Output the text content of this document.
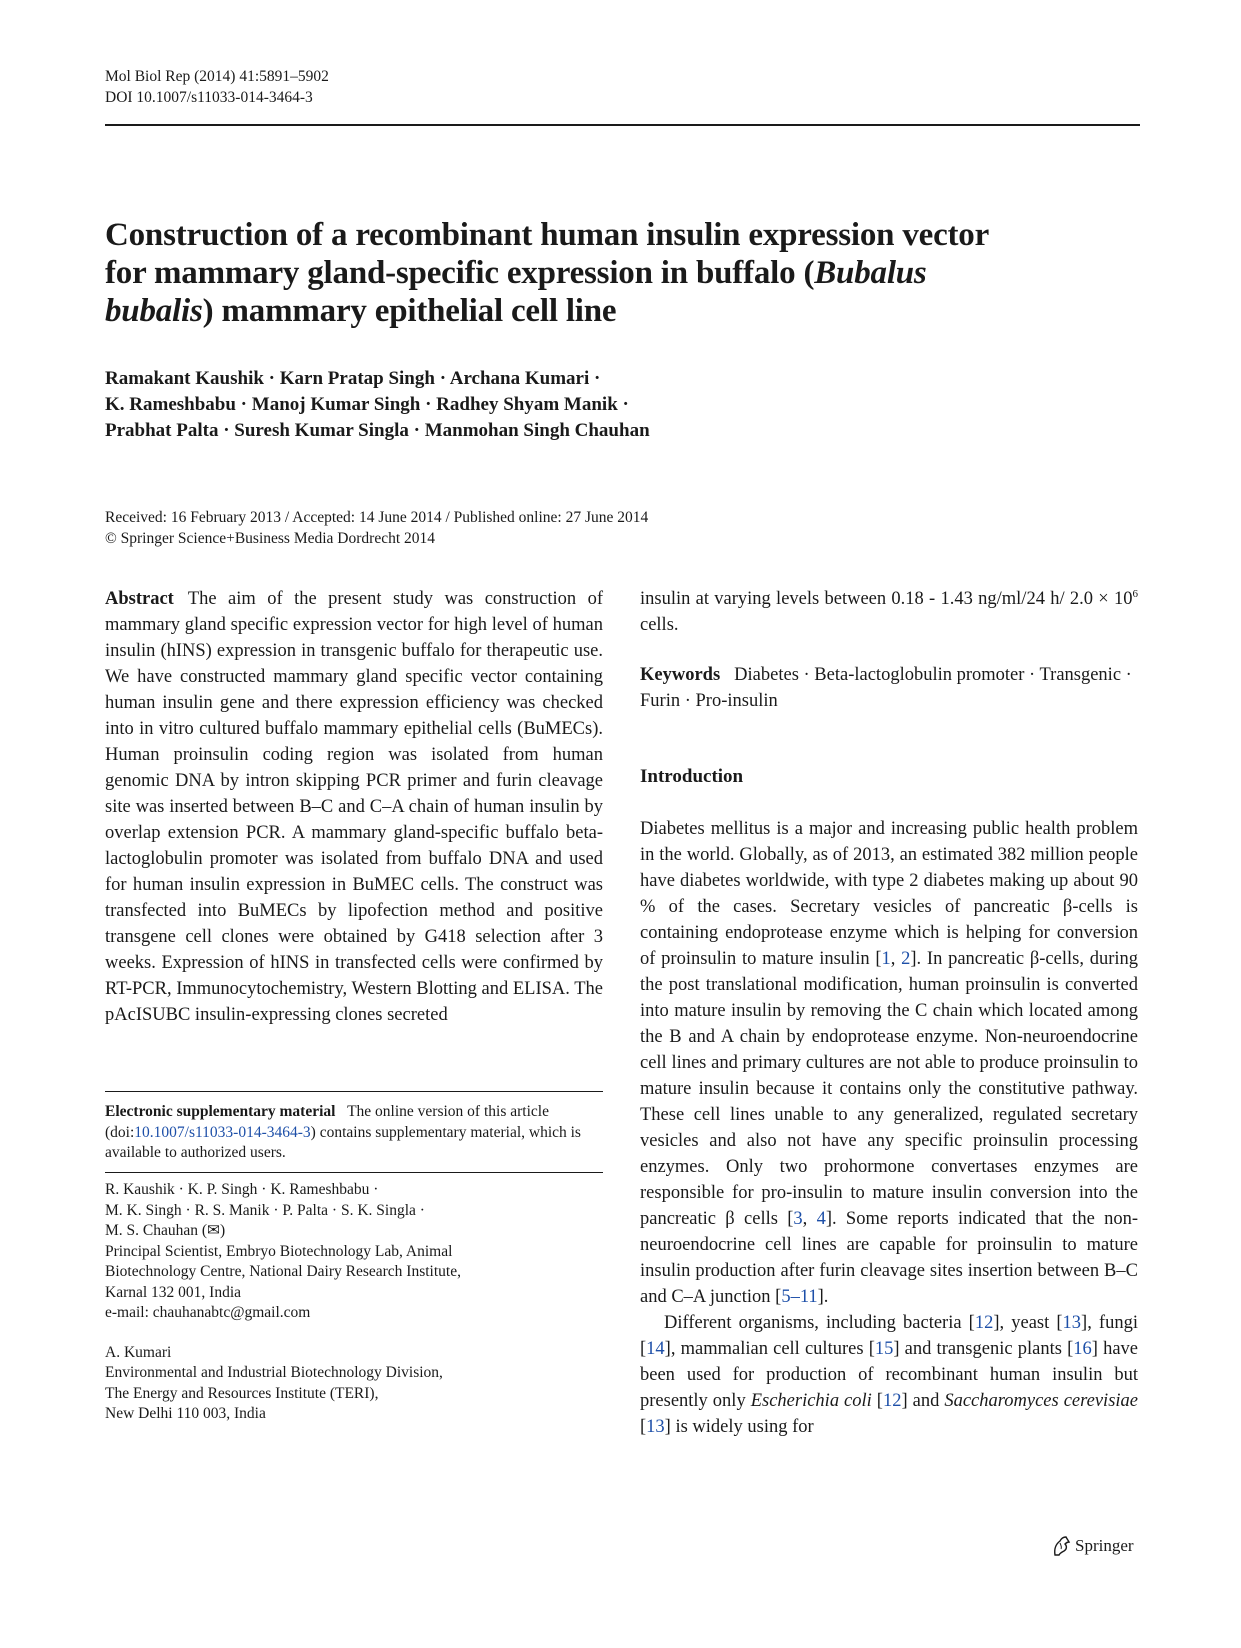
Mol Biol Rep (2014) 41:5891–5902
DOI 10.1007/s11033-014-3464-3
Construction of a recombinant human insulin expression vector
for mammary gland-specific expression in buffalo (Bubalus
bubalis) mammary epithelial cell line
Ramakant Kaushik · Karn Pratap Singh · Archana Kumari ·
K. Rameshbabu · Manoj Kumar Singh · Radhey Shyam Manik ·
Prabhat Palta · Suresh Kumar Singla · Manmohan Singh Chauhan
Received: 16 February 2013 / Accepted: 14 June 2014 / Published online: 27 June 2014
© Springer Science+Business Media Dordrecht 2014

Abstract The aim of the present study was construction of mammary gland specific expression vector for high level of human insulin (hINS) expression in transgenic buffalo for therapeutic use. We have constructed mammary gland specific vector containing human insulin gene and there expression efficiency was checked into in vitro cultured buffalo mammary epithelial cells (BuMECs). Human proinsulin coding region was isolated from human genomic DNA by intron skipping PCR primer and furin cleavage site was inserted between B–C and C–A chain of human insulin by overlap extension PCR. A mammary gland-specific buffalo beta-lactoglobulin promoter was isolated from buffalo DNA and used for human insulin expression in BuMEC cells. The construct was transfected into BuMECs by lipofection method and positive transgene cell clones were obtained by G418 selection after 3 weeks. Expression of hINS in transfected cells were confirmed by RT-PCR, Immunocytochemistry, Western Blotting and ELISA. The pAcISUBC insulin-expressing clones secreted

Electronic supplementary material The online version of this article (doi:10.1007/s11033-014-3464-3) contains supplementary material, which is available to authorized users.

R. Kaushik · K. P. Singh · K. Rameshbabu ·

M. K. Singh · R. S. Manik · P. Palta · S. K. Singla ·

M. S. Chauhan (✉)

Principal Scientist, Embryo Biotechnology Lab, Animal

Biotechnology Centre, National Dairy Research Institute,

Karnal 132 001, India

e-mail: chauhanabtc@gmail.com

A. Kumari

Environmental and Industrial Biotechnology Division,

The Energy and Resources Institute (TERI),

New Delhi 110 003, India

insulin at varying levels between 0.18 - 1.43 ng/ml/24 h/ $2.0 \times 10^6$ cells.

Keywords Diabetes · Beta-lactoglobulin promoter · Transgenic · Furin · Pro-insulin

Introduction

Diabetes mellitus is a major and increasing public health problem in the world. Globally, as of 2013, an estimated 382 million people have diabetes worldwide, with type 2 diabetes making up about 90 % of the cases. Secretary vesicles of pancreatic β-cells is containing endoprotease enzyme which is helping for conversion of proinsulin to mature insulin [1, 2]. In pancreatic β-cells, during the post translational modification, human proinsulin is converted into mature insulin by removing the C chain which located among the B and A chain by endoprotease enzyme. Non-neuroendocrine cell lines and primary cultures are not able to produce proinsulin to mature insulin because it contains only the constitutive pathway. These cell lines unable to any generalized, regulated secretary vesicles and also not have any specific proinsulin processing enzymes. Only two prohormone convertases enzymes are responsible for pro-insulin to mature insulin conversion into the pancreatic β cells [3, 4]. Some reports indicated that the non-neuroendocrine cell lines are capable for proinsulin to mature insulin production after furin cleavage sites insertion between B–C and C–A junction [5–11].

Different organisms, including bacteria [12], yeast [13], fungi [14], mammalian cell cultures [15] and transgenic plants [16] have been used for production of recombinant human insulin but presently only Escherichia coli [12] and Saccharomyces cerevisiae [13] is widely using for

Springer
